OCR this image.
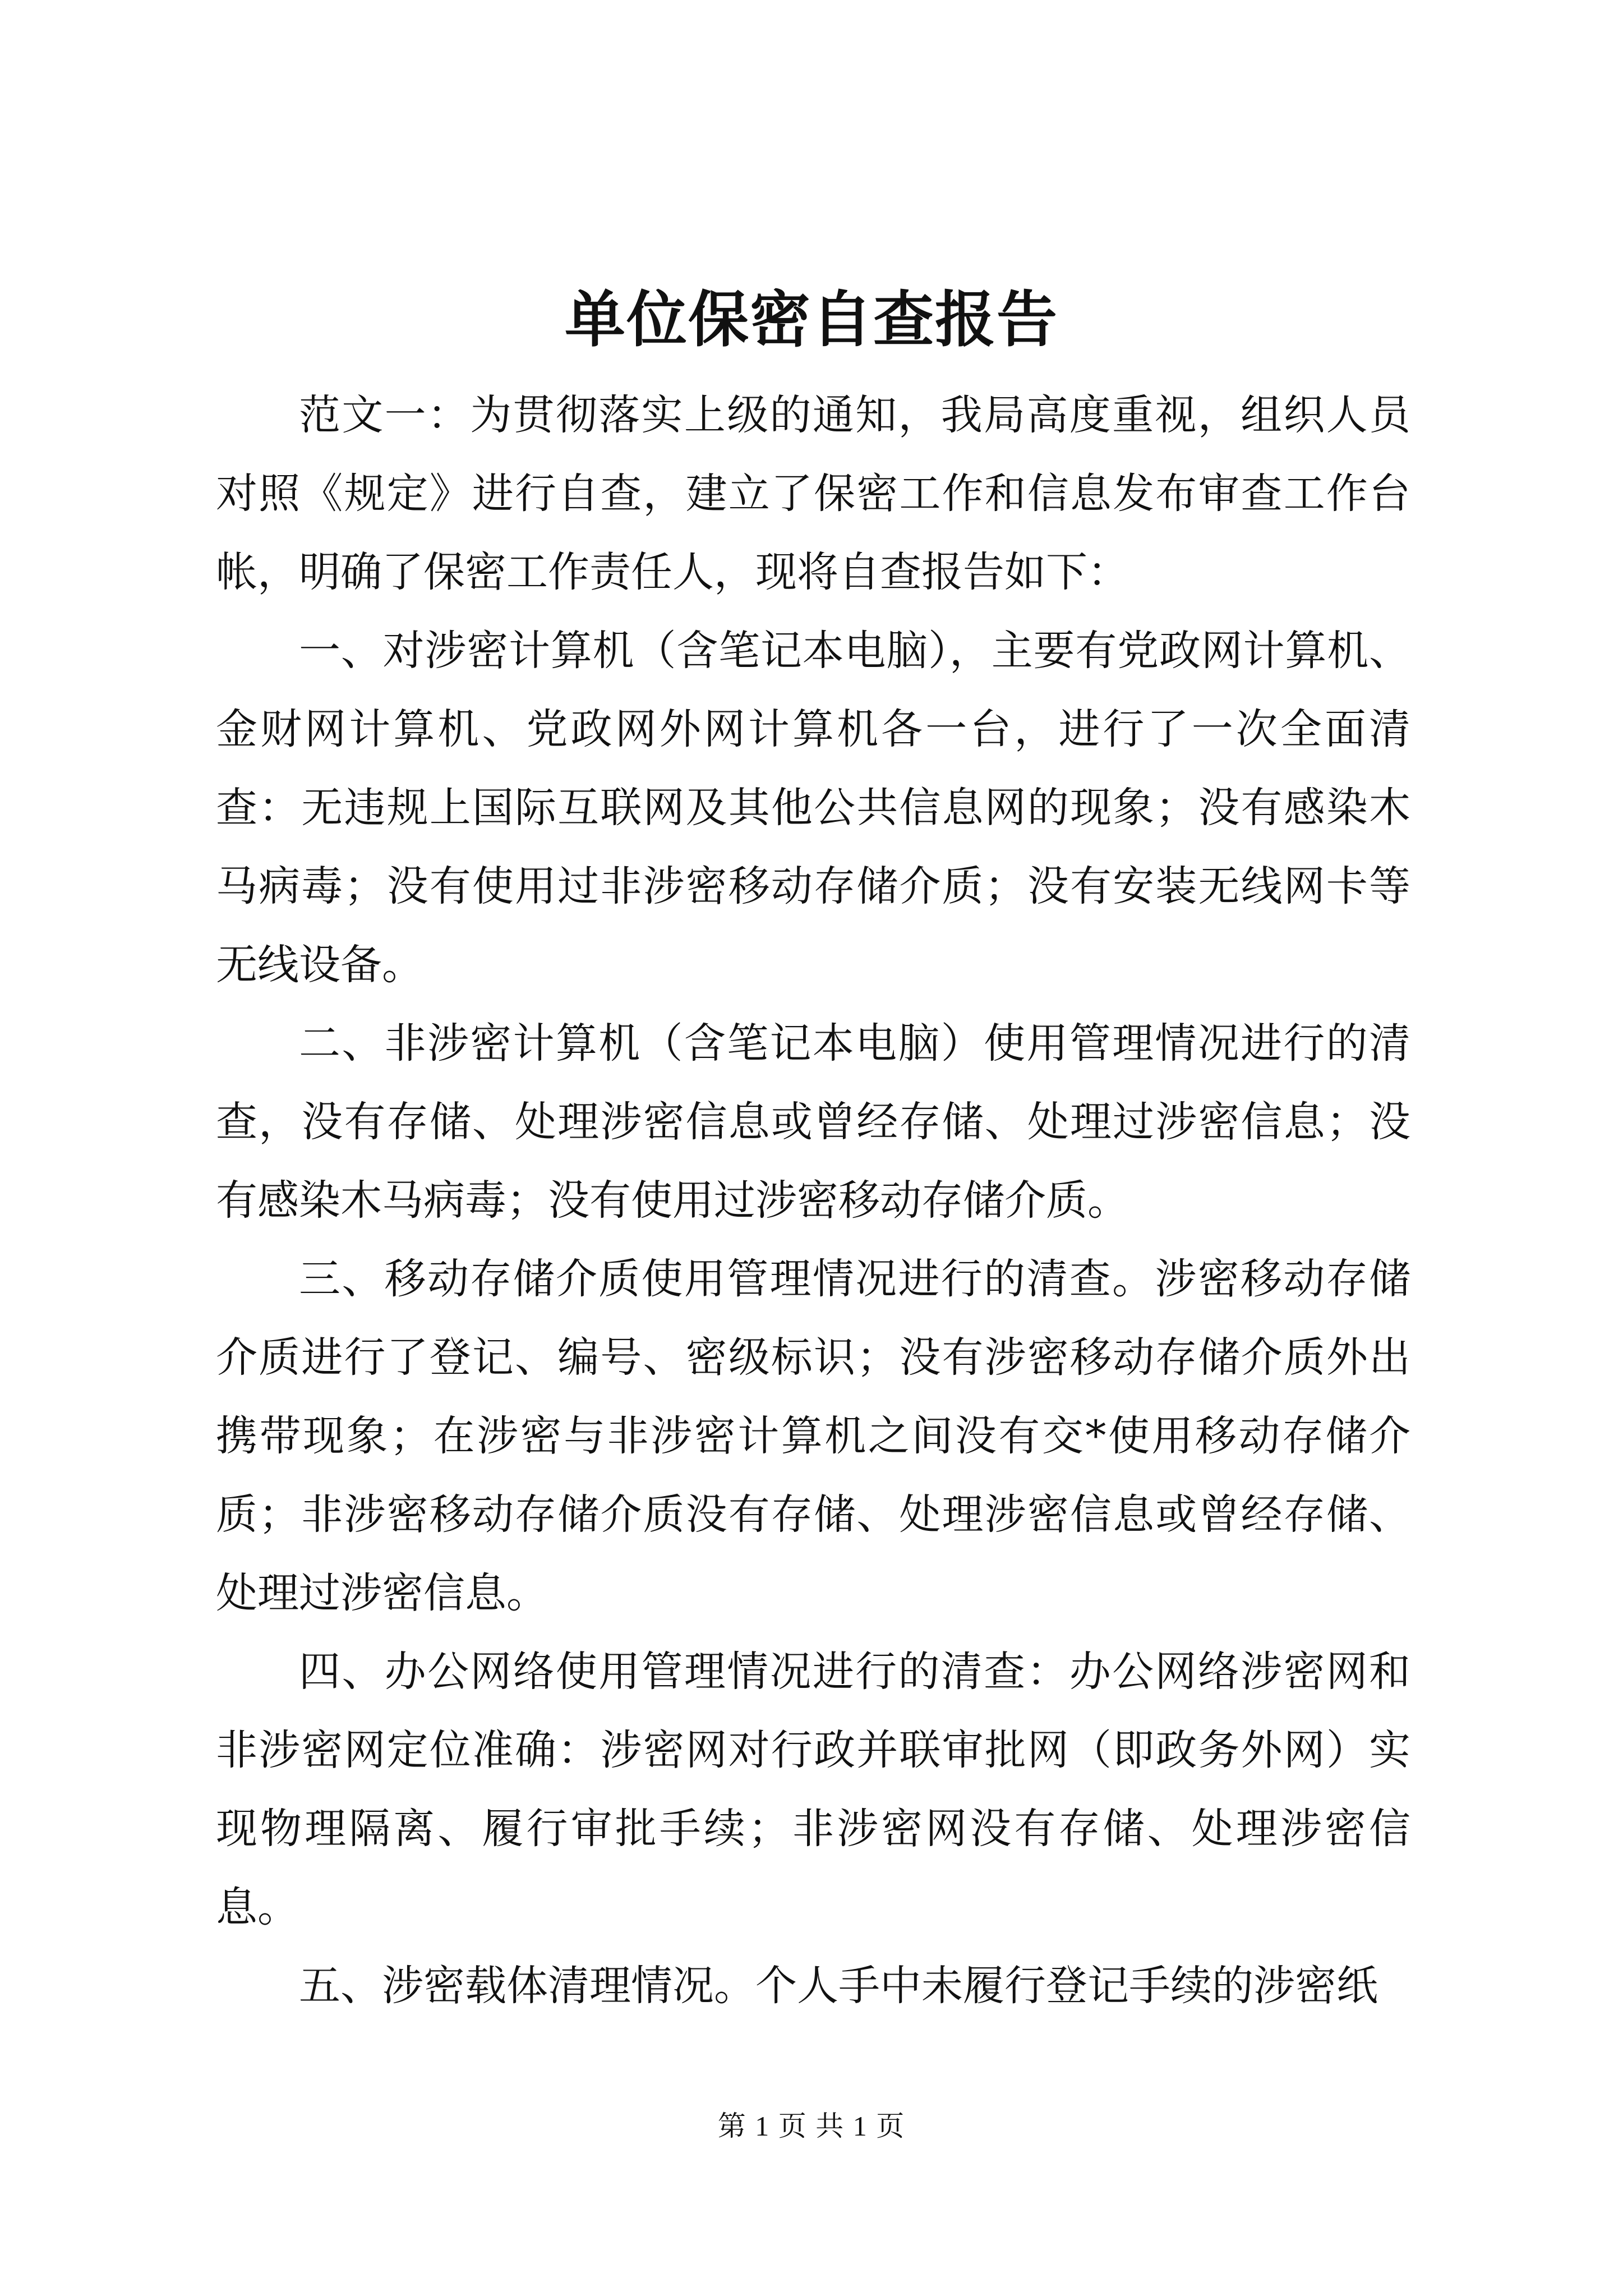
单位保密自查报告

范文一：为贯彻落实上级的通知，我局高度重视，组织人员对照《规定》进行自查，建立了保密工作和信息发布审查工作台帐，明确了保密工作责任人，现将自查报告如下：

一、对涉密计算机（含笔记本电脑），主要有党政网计算机、金财网计算机、党政网外网计算机各一台，进行了一次全面清查：无违规上国际互联网及其他公共信息网的现象；没有感染木马病毒；没有使用过非涉密移动存储介质；没有安装无线网卡等无线设备。

二、非涉密计算机（含笔记本电脑）使用管理情况进行的清查，没有存储、处理涉密信息或曾经存储、处理过涉密信息；没有感染木马病毒；没有使用过涉密移动存储介质。

三、移动存储介质使用管理情况进行的清查。涉密移动存储介质进行了登记、编号、密级标识；没有涉密移动存储介质外出携带现象；在涉密与非涉密计算机之间没有交*使用移动存储介质；非涉密移动存储介质没有存储、处理涉密信息或曾经存储、处理过涉密信息。

四、办公网络使用管理情况进行的清查：办公网络涉密网和非涉密网定位准确：涉密网对行政并联审批网（即政务外网）实现物理隔离、履行审批手续；非涉密网没有存储、处理涉密信息。

五、涉密载体清理情况。个人手中未履行登记手续的涉密纸

第 1 页 共 1 页
